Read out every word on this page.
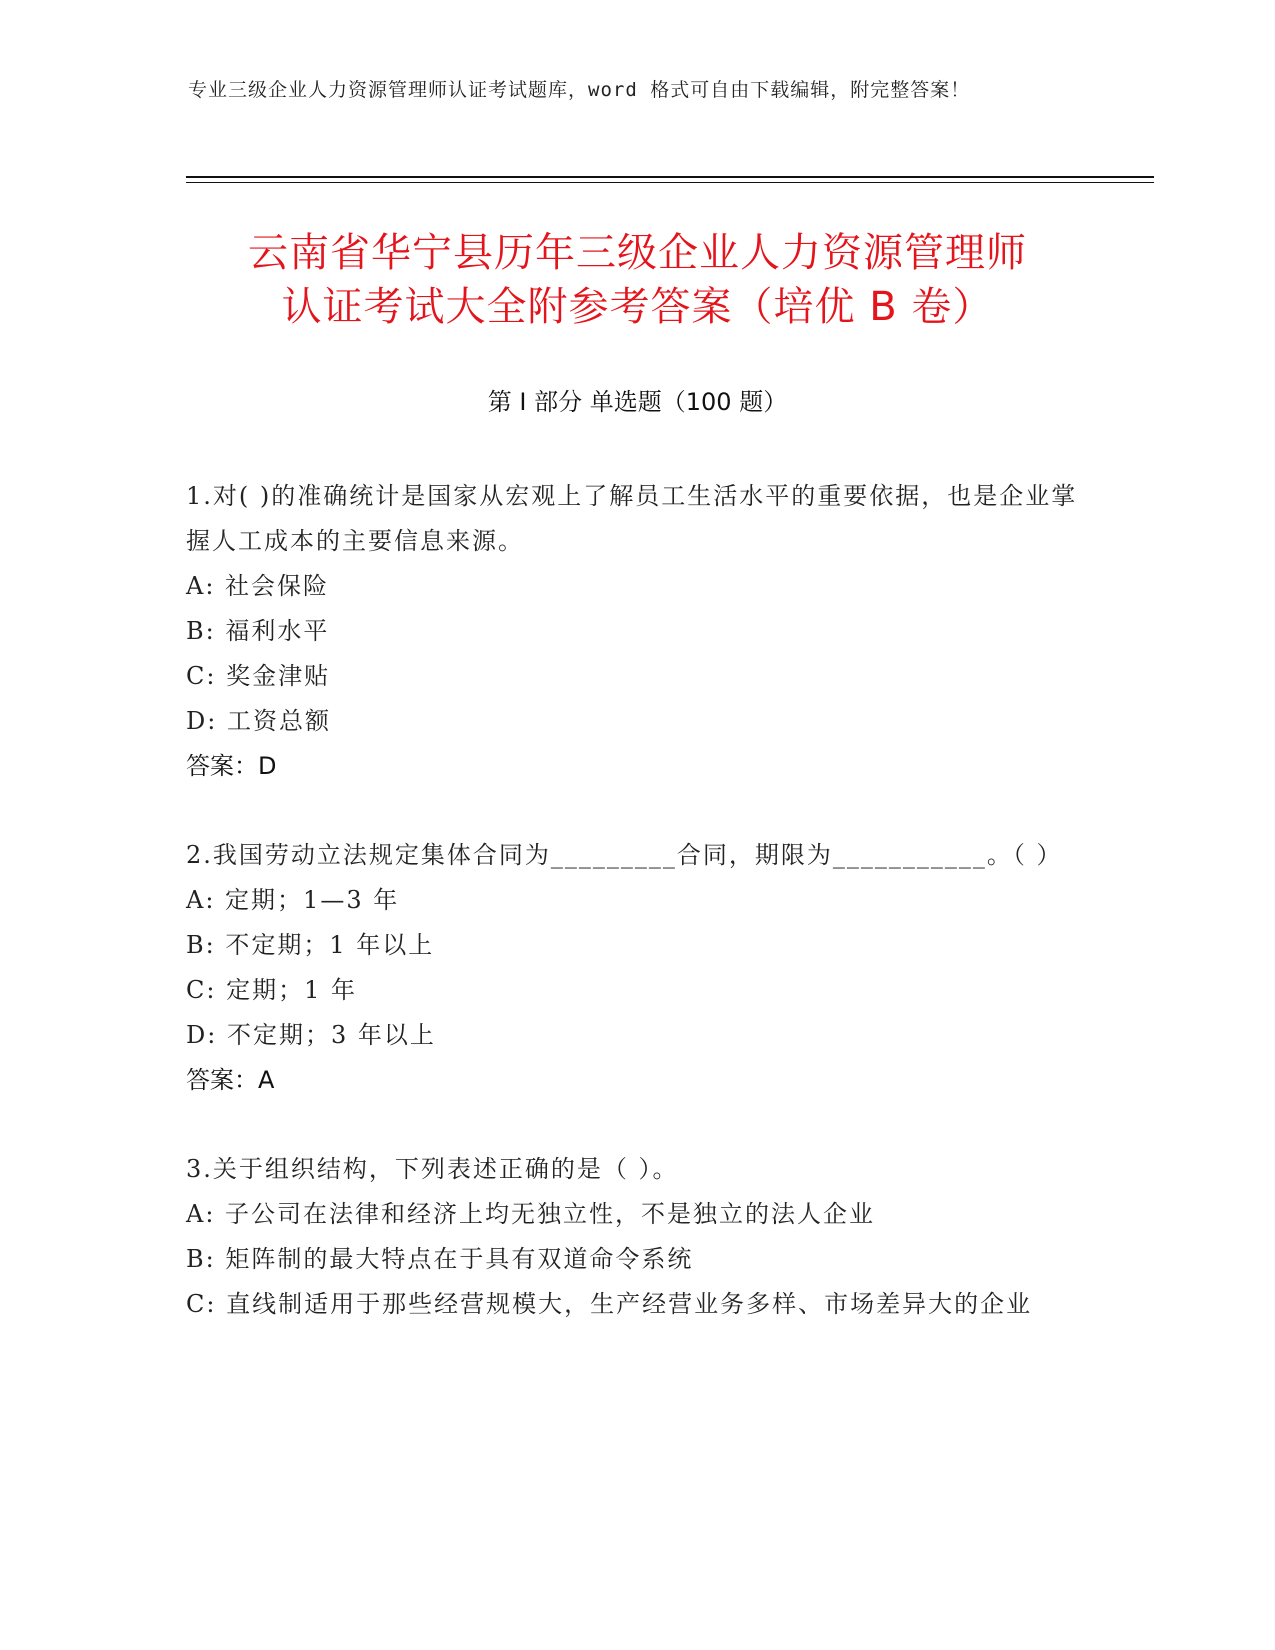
专业三级企业人力资源管理师认证考试题库，word 格式可自由下载编辑，附完整答案！
云南省华宁县历年三级企业人力资源管理师
认证考试大全附参考答案（培优 B 卷）
第 I 部分 单选题（100 题）

1.对( )的准确统计是国家从宏观上了解员工生活水平的重要依据，也是企业掌握人工成本的主要信息来源。

A: 社会保险

B: 福利水平

C: 奖金津贴

D: 工资总额

答案：D

2.我国劳动立法规定集体合同为_________合同，期限为___________。（ ）

A: 定期；1—3 年

B: 不定期；1 年以上

C: 定期；1 年

D: 不定期；3 年以上

答案：A

3.关于组织结构，下列表述正确的是（ ）。

A: 子公司在法律和经济上均无独立性，不是独立的法人企业

B: 矩阵制的最大特点在于具有双道命令系统

C: 直线制适用于那些经营规模大，生产经营业务多样、市场差异大的企业
